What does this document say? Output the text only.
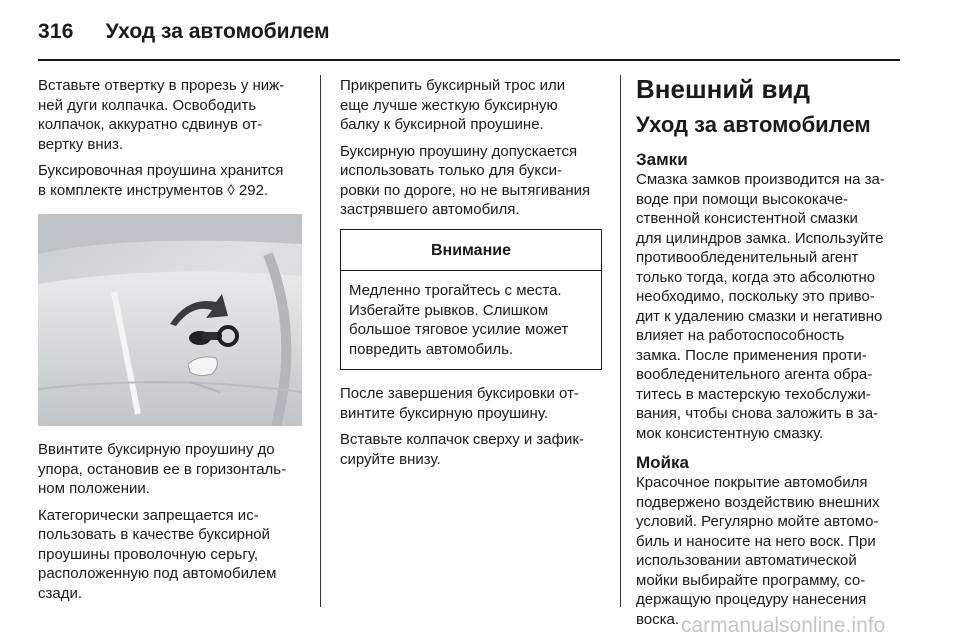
316 Уход за автомобилем

Вставьте отвертку в прорезь у ниж-
ней дуги колпачка. Освободить
колпачок, аккуратно сдвинув от-
вертку вниз.

Буксировочная проушина хранится
в комплекте инструментов ◊ 292.

Ввинтите буксирную проушину до
упора, остановив ее в горизонталь-
ном положении.

Категорически запрещается ис-
пользовать в качестве буксирной
проушины проволочную серьгу,
расположенную под автомобилем
сзади.

Прикрепить буксирный трос или
еще лучше жесткую буксирную
балку к буксирной проушине.

Буксирную проушину допускается
использовать только для букси-
ровки по дороге, но не вытягивания
застрявшего автомобиля.

Внимание
Медленно трогайтесь с места.
Избегайте рывков. Слишком
большое тяговое усилие может
повредить автомобиль.

После завершения буксировки от-
винтите буксирную проушину.

Вставьте колпачок сверху и зафик-
сируйте внизу.

Внешний вид
Уход за автомобилем
Замки

Смазка замков производится на за-
воде при помощи высококаче-
ственной консистентной смазки
для цилиндров замка. Используйте
противообледенительный агент
только тогда, когда это абсолютно
необходимо, поскольку это приво-
дит к удалению смазки и негативно
влияет на работоспособность
замка. После применения проти-
вообледенительного агента обра-
титесь в мастерскую техобслужи-
вания, чтобы снова заложить в за-
мок консистентную смазку.

Мойка

Красочное покрытие автомобиля
подвержено воздействию внешних
условий. Регулярно мойте автомо-
биль и наносите на него воск. При
использовании автоматической
мойки выбирайте программу, со-
держащую процедуру нанесения
воска. carmanualsonline.info
